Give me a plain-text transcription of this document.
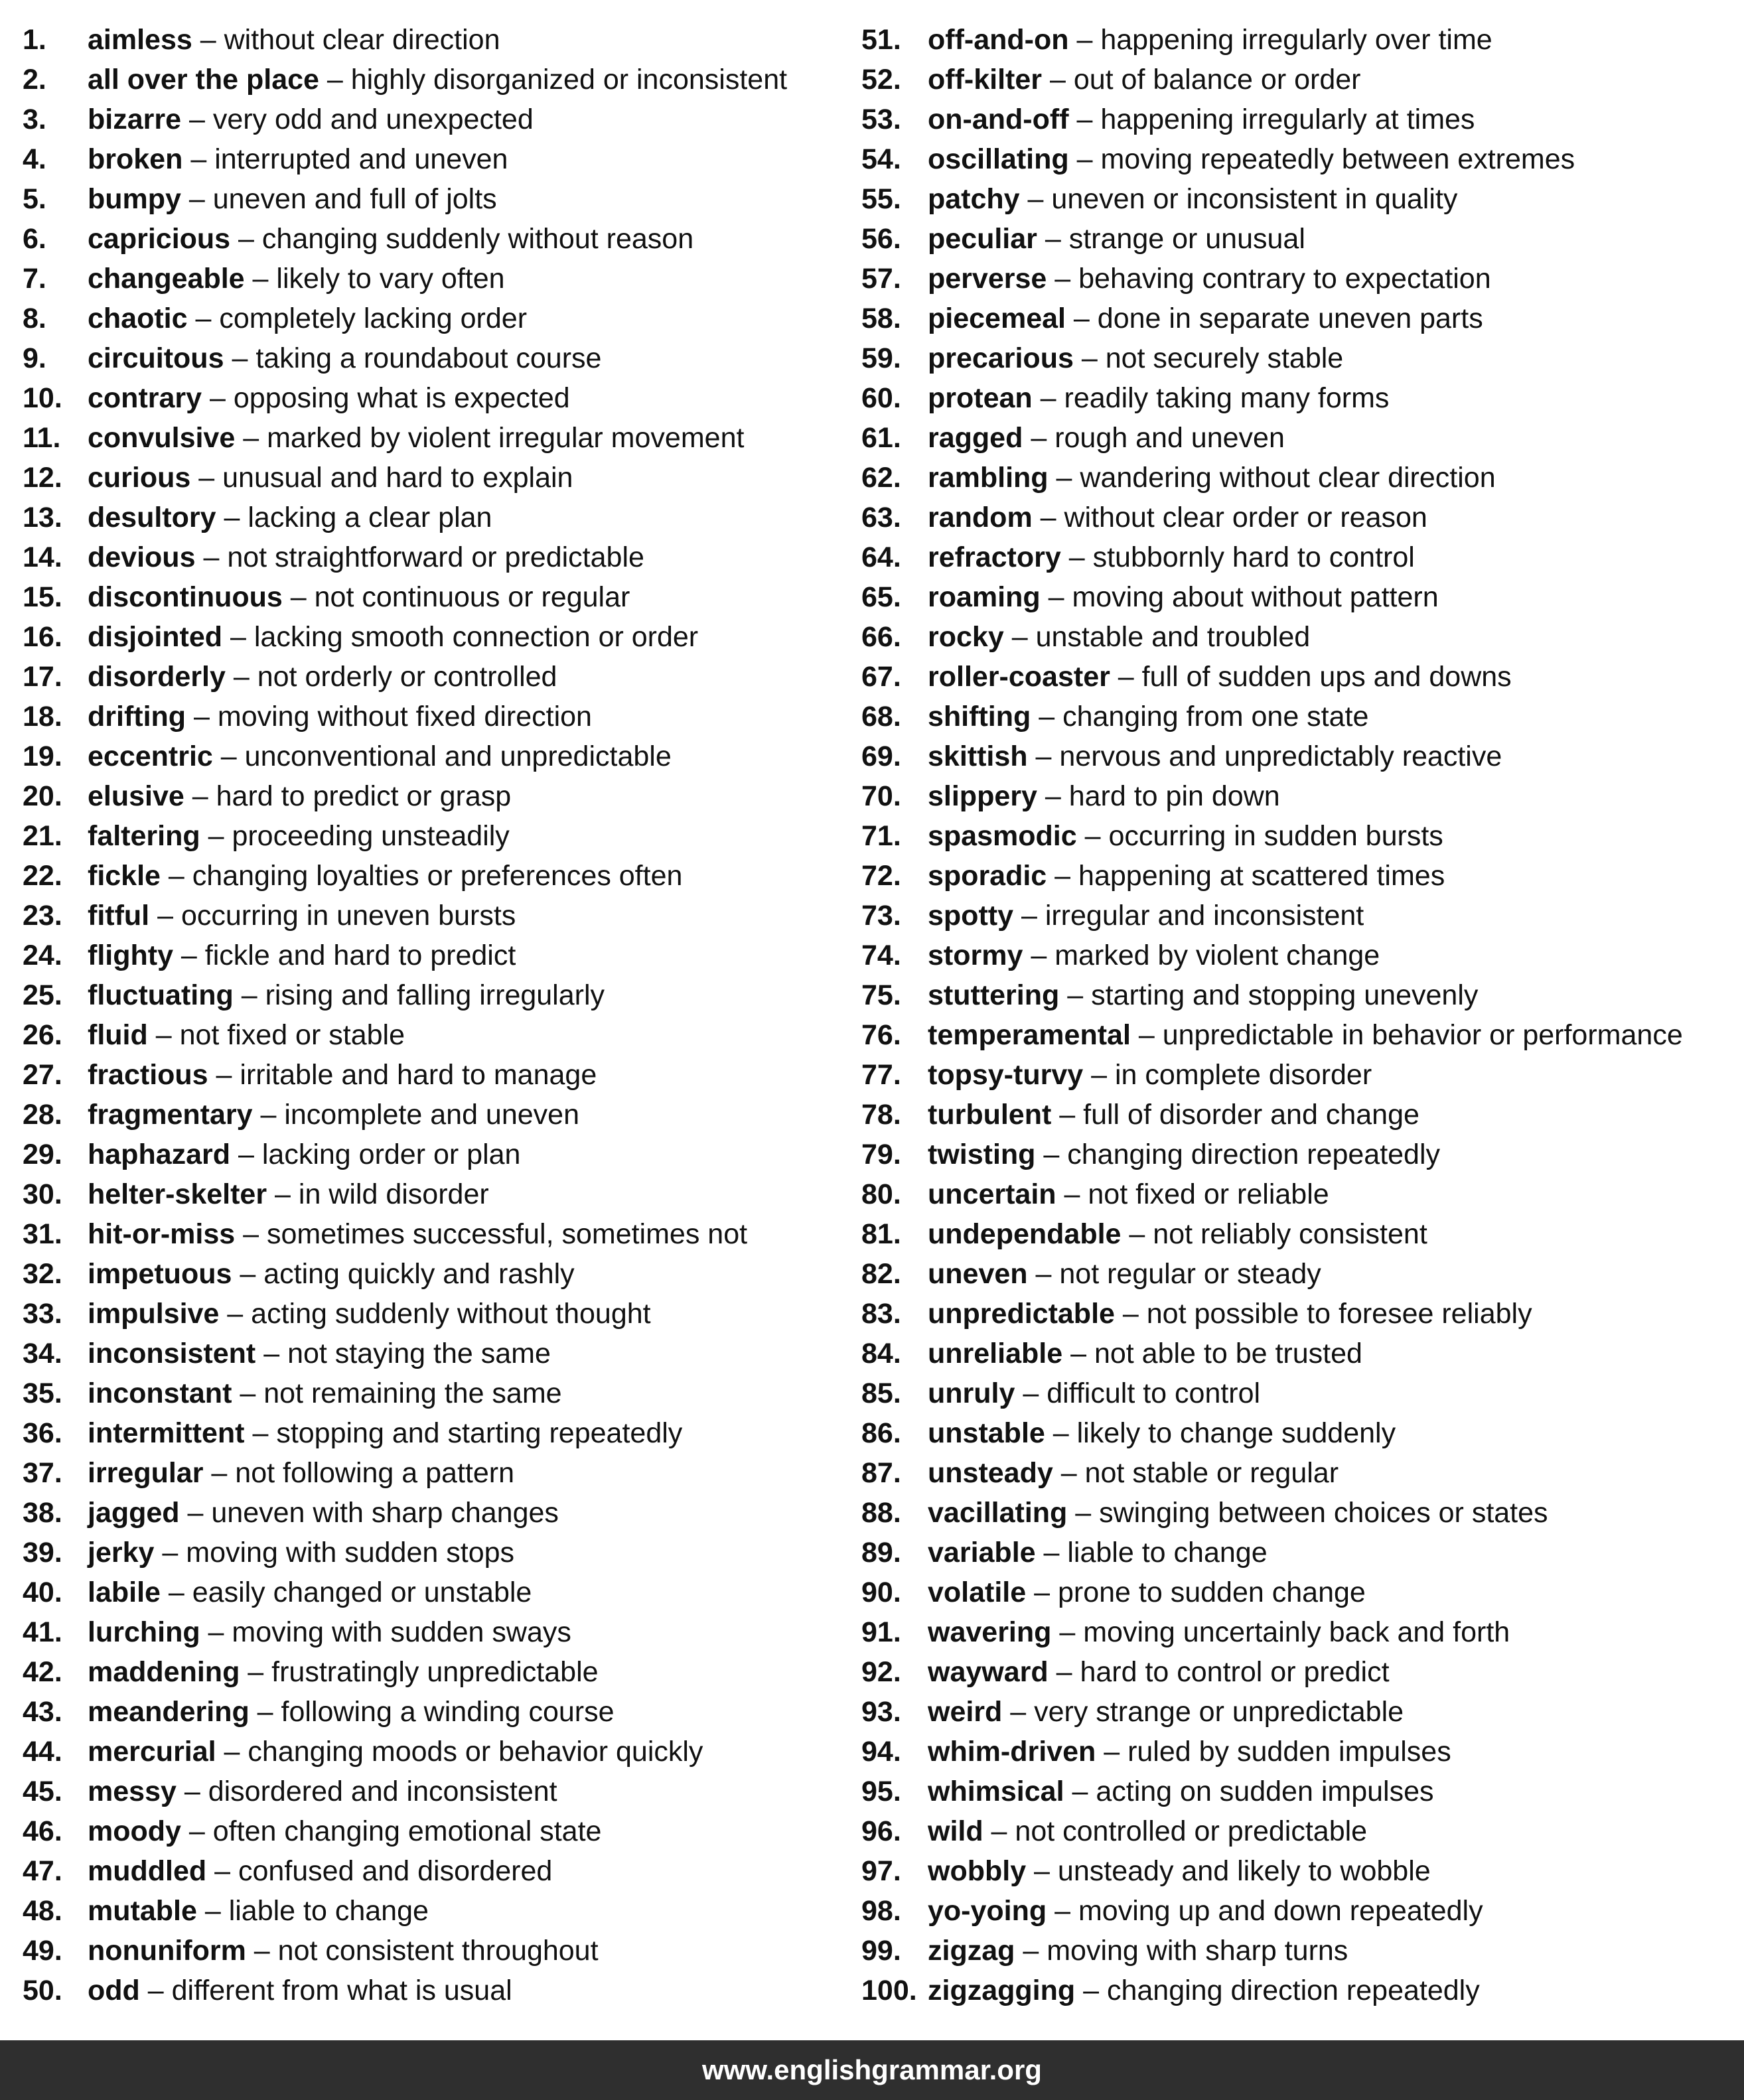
1. aimless – without clear direction
2. all over the place – highly disorganized or inconsistent
3. bizarre – very odd and unexpected
4. broken – interrupted and uneven
5. bumpy – uneven and full of jolts
6. capricious – changing suddenly without reason
7. changeable – likely to vary often
8. chaotic – completely lacking order
9. circuitous – taking a roundabout course
10. contrary – opposing what is expected
11. convulsive – marked by violent irregular movement
12. curious – unusual and hard to explain
13. desultory – lacking a clear plan
14. devious – not straightforward or predictable
15. discontinuous – not continuous or regular
16. disjointed – lacking smooth connection or order
17. disorderly – not orderly or controlled
18. drifting – moving without fixed direction
19. eccentric – unconventional and unpredictable
20. elusive – hard to predict or grasp
21. faltering – proceeding unsteadily
22. fickle – changing loyalties or preferences often
23. fitful – occurring in uneven bursts
24. flighty – fickle and hard to predict
25. fluctuating – rising and falling irregularly
26. fluid – not fixed or stable
27. fractious – irritable and hard to manage
28. fragmentary – incomplete and uneven
29. haphazard – lacking order or plan
30. helter-skelter – in wild disorder
31. hit-or-miss – sometimes successful, sometimes not
32. impetuous – acting quickly and rashly
33. impulsive – acting suddenly without thought
34. inconsistent – not staying the same
35. inconstant – not remaining the same
36. intermittent – stopping and starting repeatedly
37. irregular – not following a pattern
38. jagged – uneven with sharp changes
39. jerky – moving with sudden stops
40. labile – easily changed or unstable
41. lurching – moving with sudden sways
42. maddening – frustratingly unpredictable
43. meandering – following a winding course
44. mercurial – changing moods or behavior quickly
45. messy – disordered and inconsistent
46. moody – often changing emotional state
47. muddled – confused and disordered
48. mutable – liable to change
49. nonuniform – not consistent throughout
50. odd – different from what is usual
51. off-and-on – happening irregularly over time
52. off-kilter – out of balance or order
53. on-and-off – happening irregularly at times
54. oscillating – moving repeatedly between extremes
55. patchy – uneven or inconsistent in quality
56. peculiar – strange or unusual
57. perverse – behaving contrary to expectation
58. piecemeal – done in separate uneven parts
59. precarious – not securely stable
60. protean – readily taking many forms
61. ragged – rough and uneven
62. rambling – wandering without clear direction
63. random – without clear order or reason
64. refractory – stubbornly hard to control
65. roaming – moving about without pattern
66. rocky – unstable and troubled
67. roller-coaster – full of sudden ups and downs
68. shifting – changing from one state
69. skittish – nervous and unpredictably reactive
70. slippery – hard to pin down
71. spasmodic – occurring in sudden bursts
72. sporadic – happening at scattered times
73. spotty – irregular and inconsistent
74. stormy – marked by violent change
75. stuttering – starting and stopping unevenly
76. temperamental – unpredictable in behavior or performance
77. topsy-turvy – in complete disorder
78. turbulent – full of disorder and change
79. twisting – changing direction repeatedly
80. uncertain – not fixed or reliable
81. undependable – not reliably consistent
82. uneven – not regular or steady
83. unpredictable – not possible to foresee reliably
84. unreliable – not able to be trusted
85. unruly – difficult to control
86. unstable – likely to change suddenly
87. unsteady – not stable or regular
88. vacillating – swinging between choices or states
89. variable – liable to change
90. volatile – prone to sudden change
91. wavering – moving uncertainly back and forth
92. wayward – hard to control or predict
93. weird – very strange or unpredictable
94. whim-driven – ruled by sudden impulses
95. whimsical – acting on sudden impulses
96. wild – not controlled or predictable
97. wobbly – unsteady and likely to wobble
98. yo-yoing – moving up and down repeatedly
99. zigzag – moving with sharp turns
100. zigzagging – changing direction repeatedly
www.englishgrammar.org
